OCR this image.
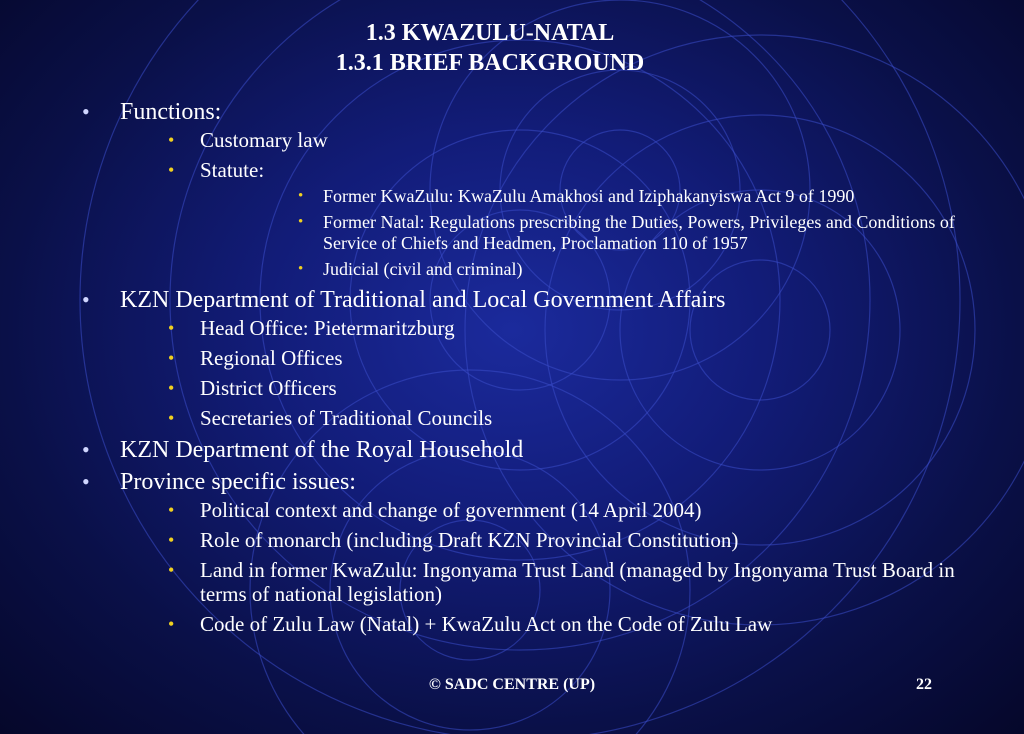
1.3 KWAZULU-NATAL
1.3.1 BRIEF BACKGROUND
• Functions:
• Customary law
• Statute:
• Former KwaZulu: KwaZulu Amakhosi and Iziphakanyiswa Act 9 of 1990
• Former Natal: Regulations prescribing the Duties, Powers, Privileges and Conditions of Service of Chiefs and Headmen, Proclamation 110 of 1957
• Judicial (civil and criminal)
• KZN Department of Traditional and Local Government Affairs
• Head Office: Pietermaritzburg
• Regional Offices
• District Officers
• Secretaries of Traditional Councils
• KZN Department of the Royal Household
• Province specific issues:
• Political context and change of government (14 April 2004)
• Role of monarch (including Draft KZN Provincial Constitution)
• Land in former KwaZulu: Ingonyama Trust Land (managed by Ingonyama Trust Board in terms of national legislation)
• Code of Zulu Law (Natal) + KwaZulu Act on the Code of Zulu Law
© SADC CENTRE (UP)	22
